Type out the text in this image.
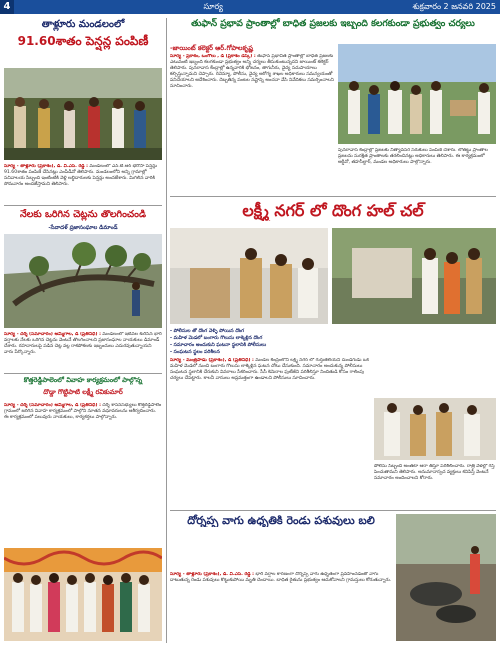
4	సూర్య	శుక్రవారం 2 జనవరి 2025
తాళ్లూరు మండలంలో
91.60శాతం పెన్షన్ల పంపిణీ
సూర్య - తాళ్లూరు (ప్రకాశం), డి. వి.ఎస్. రెడ్డి : మండలంలో ఎన్.టి.ఆర్ భరోసా పెన్షన్లు 91.60శాతం పంపిణీ చేసినట్లు ఎంపీడీవో తెలిపారు. మండలంలోని అన్ని గ్రామాల్లో సచివాలయ సిబ్బంది ఇంటింటికి వెళ్లి లబ్ధిదారులకు పెన్షన్లు అందజేశారు. మిగిలిన వారికి సోమవారం అందజేస్తామని తెలిపారు.
నేలకు ఒరిగిన చెట్లను తొలగించండి
-సేవాదళ్ ప్రజాసంఘాల డిమాండ్
సూర్య - దర్శి (సమాచారం) అమ్మిగాల, డి (ప్రతినిధి) : మండలంలో ఇటీవల కురిసిన భారీ వర్షాలకు నేలకు ఒరిగిన చెట్లను వెంటనే తొలగించాలని ప్రజాసంఘాల నాయకులు డిమాండ్ చేశారు. రహదారులపై పడిన చెట్ల వల్ల రాకపోకలకు ఇబ్బందులు ఎదురవుతున్నాయని వారు పేర్కొన్నారు.
కొత్తరెడ్డిపాలెంలో వివాహ కార్యక్రమంలో పాల్గొన్న
దొడ్డా గొట్టిపాటి లక్ష్మీ రవికుమార్
సూర్య - దర్శి (సమాచారం) అమ్మిగాల, డి (ప్రతినిధి) : దర్శి శాసనసభ్యులు కొత్తరెడ్డిపాలెం గ్రామంలో జరిగిన వివాహ కార్యక్రమంలో పాల్గొని నూతన వధూవరులను ఆశీర్వదించారు. ఈ కార్యక్రమంలో పలువురు నాయకులు, కార్యకర్తలు పాల్గొన్నారు.
తుఫాన్ ప్రభావ ప్రాంతాల్లో బాధిత ప్రజలకు ఇబ్బంది కలగకుండా ప్రభుత్వం చర్యలు
-జాయింట్ కలెక్టర్ ఆర్.గోపాలకృష్ణ
సూర్య - ప్రకాశం, ఒంగోలు , డి (ప్రకాశం డెస్క్) : తుఫాన్ ప్రభావిత ప్రాంతాల్లో బాధిత ప్రజలకు ఎటువంటి ఇబ్బంది కలగకుండా ప్రభుత్వం అన్ని చర్యలు తీసుకుంటున్నదని జాయింట్ కలెక్టర్ తెలిపారు. పునరావాస కేంద్రాల్లో ఉన్నవారికి భోజనం, తాగునీరు, వైద్య సదుపాయాలు కల్పిస్తున్నామని చెప్పారు. రెవెన్యూ, పోలీసు, వైద్య ఆరోగ్య శాఖల అధికారులు సమన్వయంతో పనిచేయాలని ఆదేశించారు. దెబ్బతిన్న పంటల నష్టాన్ని అంచనా వేసి నివేదికలు సమర్పించాలని సూచించారు.
పునరావాస కేంద్రాల్లో ప్రజలకు నిత్యావసర సరుకులు పంపిణీ చేశారు. లోతట్టు ప్రాంతాల ప్రజలను సురక్షిత ప్రాంతాలకు తరలించినట్లు అధికారులు తెలిపారు. ఈ కార్యక్రమంలో ఆర్డీవో, తహసీల్దార్, మండల అధికారులు పాల్గొన్నారు.
లక్ష్మీ నగర్ లో దొంగ హల్ చల్
- పోలీసుల తో దొంగ వెళ్ళి పోయిన దొంగ
- మహిళ మెడలో బంగారు గొలుసు లాక్కెళ్లిన దొంగ
- సమాచారం అందుకుని ఘటనా స్థలానికి పోలీసులు
- సంఘటన స్థలం పరిశీలన
సూర్య - మంత్రపాడు (ప్రకాశం), డి (ప్రతినిధి) : మండల కేంద్రంలోని లక్ష్మీ నగర్ లో గుర్తుతెలియని దుండగుడు ఒక మహిళ మెడలో నుంచి బంగారు గొలుసు లాక్కెళ్లిన ఘటన చోటు చేసుకుంది. సమాచారం అందుకున్న పోలీసులు సంఘటన స్థలానికి చేరుకుని వివరాలు సేకరించారు. సీసీ కెమెరాల ఫుటేజీని పరిశీలిస్తూ నిందితుడి కోసం గాలింపు చర్యలు చేపట్టారు. కాలనీ వాసులు అప్రమత్తంగా ఉండాలని పోలీసులు సూచించారు.
పోలీసు సిబ్బంది అంతటా ఆరా తీస్తూ పరిశీలించారు. రాత్రి వేళల్లో గస్తీ పెంచుతామని తెలిపారు. అనుమానాస్పద వ్యక్తులు కనిపిస్తే వెంటనే సమాచారం అందించాలని కోరారు.
దోర్నప్ప వాగు ఉధృతికి రెండు పశువులు బలి
సూర్య - తాళ్లూరు (ప్రకాశం), డి. వి.ఎస్. రెడ్డి : భారీ వర్షాల కారణంగా దోర్నప్ప వాగు ఉధృతంగా ప్రవహించడంతో వాగు దాటుతున్న రెండు పశువులు కొట్టుకుపోయి మృతి చెందాయి. బాధిత రైతును ప్రభుత్వం ఆదుకోవాలని గ్రామస్తులు కోరుతున్నారు.
